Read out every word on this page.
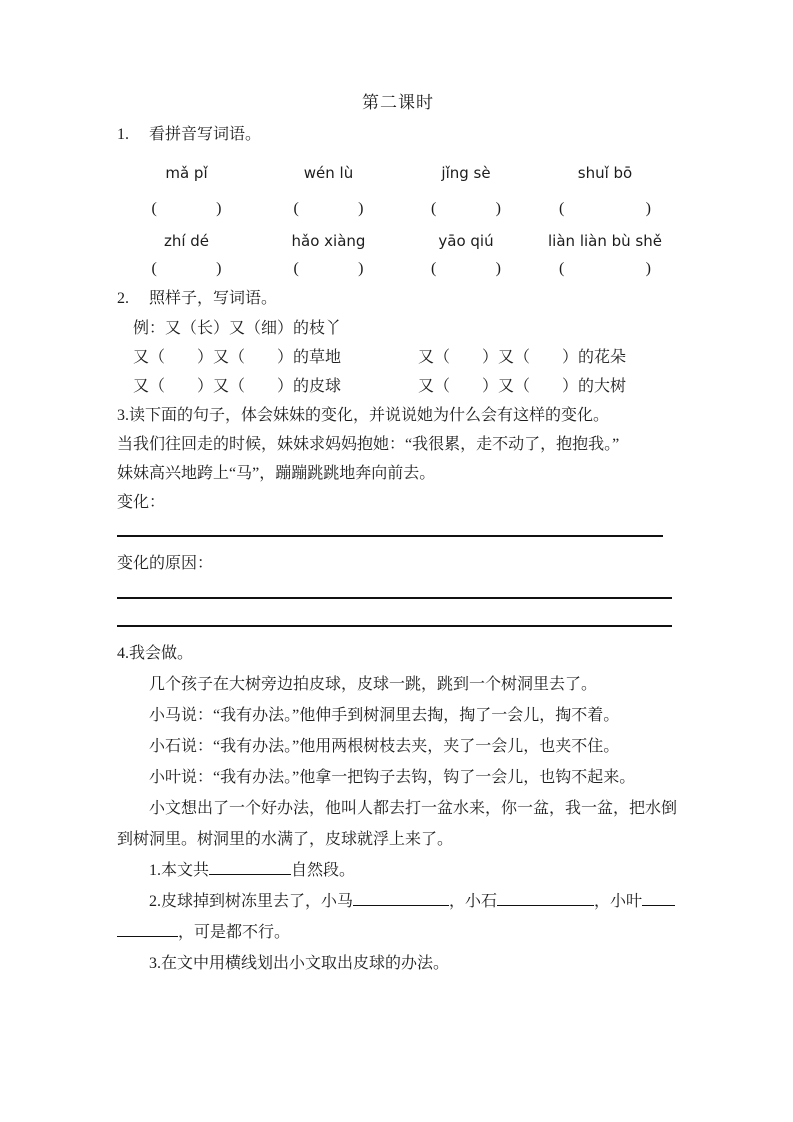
第二课时

1. 看拼音写词语。
mǎ pǐ	wén lù	jǐng sè	shuǐ bō
(	)	(	)	(	)	(	)
zhí dé	hǎo xiàng	yāo qiú	liàn liàn bù shě
(	)	(	)	(	)	(	)
2. 照样子，写词语。

例：又（长）又（细）的枝丫

又（　　）又（　　）的草地	又（　　）又（　　）的花朵

又（　　）又（　　）的皮球	又（　　）又（　　）的大树

3.读下面的句子，体会妹妹的变化，并说说她为什么会有这样的变化。

当我们往回走的时候，妹妹求妈妈抱她：“我很累，走不动了，抱抱我。”

妹妹高兴地跨上“马”，蹦蹦跳跳地奔向前去。

变化：

变化的原因：

4.我会做。

几个孩子在大树旁边拍皮球，皮球一跳，跳到一个树洞里去了。

小马说：“我有办法。”他伸手到树洞里去掏，掏了一会儿，掏不着。

小石说：“我有办法。”他用两根树枝去夹，夹了一会儿，也夹不住。

小叶说：“我有办法。”他拿一把钩子去钩，钩了一会儿，也钩不起来。

小文想出了一个好办法，他叫人都去打一盆水来，你一盆，我一盆，把水倒到树洞里。树洞里的水满了，皮球就浮上来了。

1.本文共	自然段。

2.皮球掉到树冻里去了，小马	，小石	，小叶

，可是都不行。

3.在文中用横线划出小文取出皮球的办法。
